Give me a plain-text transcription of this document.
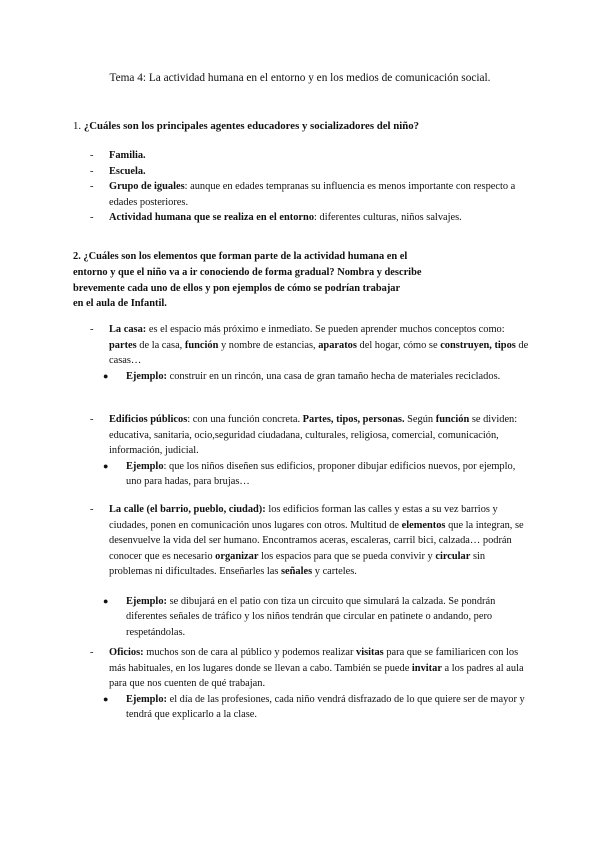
Tema 4: La actividad humana en el entorno y en los medios de comunicación social.
1. ¿Cuáles son los principales agentes educadores y socializadores del niño?
- Familia.
- Escuela.
- Grupo de iguales: aunque en edades tempranas su influencia es menos importante con respecto a edades posteriores.
- Actividad humana que se realiza en el entorno: diferentes culturas, niños salvajes.
2. ¿Cuáles son los elementos que forman parte de la actividad humana en el
entorno y que el niño va a ir conociendo de forma gradual? Nombra y describe
brevemente cada uno de ellos y pon ejemplos de cómo se podrían trabajar
en el aula de Infantil.
- La casa: es el espacio más próximo e inmediato. Se pueden aprender muchos conceptos como: partes de la casa, función y nombre de estancias, aparatos del hogar, cómo se construyen, tipos de casas…
● Ejemplo: construir en un rincón, una casa de gran tamaño hecha de materiales reciclados.
- Edificios públicos: con una función concreta. Partes, tipos, personas. Según función se dividen: educativa, sanitaria, ocio,seguridad ciudadana, culturales, religiosa, comercial, comunicación, información, judicial.
● Ejemplo: que los niños diseñen sus edificios, proponer dibujar edificios nuevos, por ejemplo, uno para hadas, para brujas…
- La calle (el barrio, pueblo, ciudad): los edificios forman las calles y estas a su vez barrios y ciudades, ponen en comunicación unos lugares con otros. Multitud de elementos que la integran, se desenvuelve la vida del ser humano. Encontramos aceras, escaleras, carril bici, calzada… podrán conocer que es necesario organizar los espacios para que se pueda convivir y circular sin problemas ni dificultades. Enseñarles las señales y carteles.
● Ejemplo: se dibujará en el patio con tiza un circuito que simulará la calzada. Se pondrán diferentes señales de tráfico y los niños tendrán que circular en patinete o andando, pero respetándolas.
- Oficios: muchos son de cara al público y podemos realizar visitas para que se familiaricen con los más habituales, en los lugares donde se llevan a cabo. También se puede invitar a los padres al aula para que nos cuenten de qué trabajan.
● Ejemplo: el día de las profesiones, cada niño vendrá disfrazado de lo que quiere ser de mayor y tendrá que explicarlo a la clase.
